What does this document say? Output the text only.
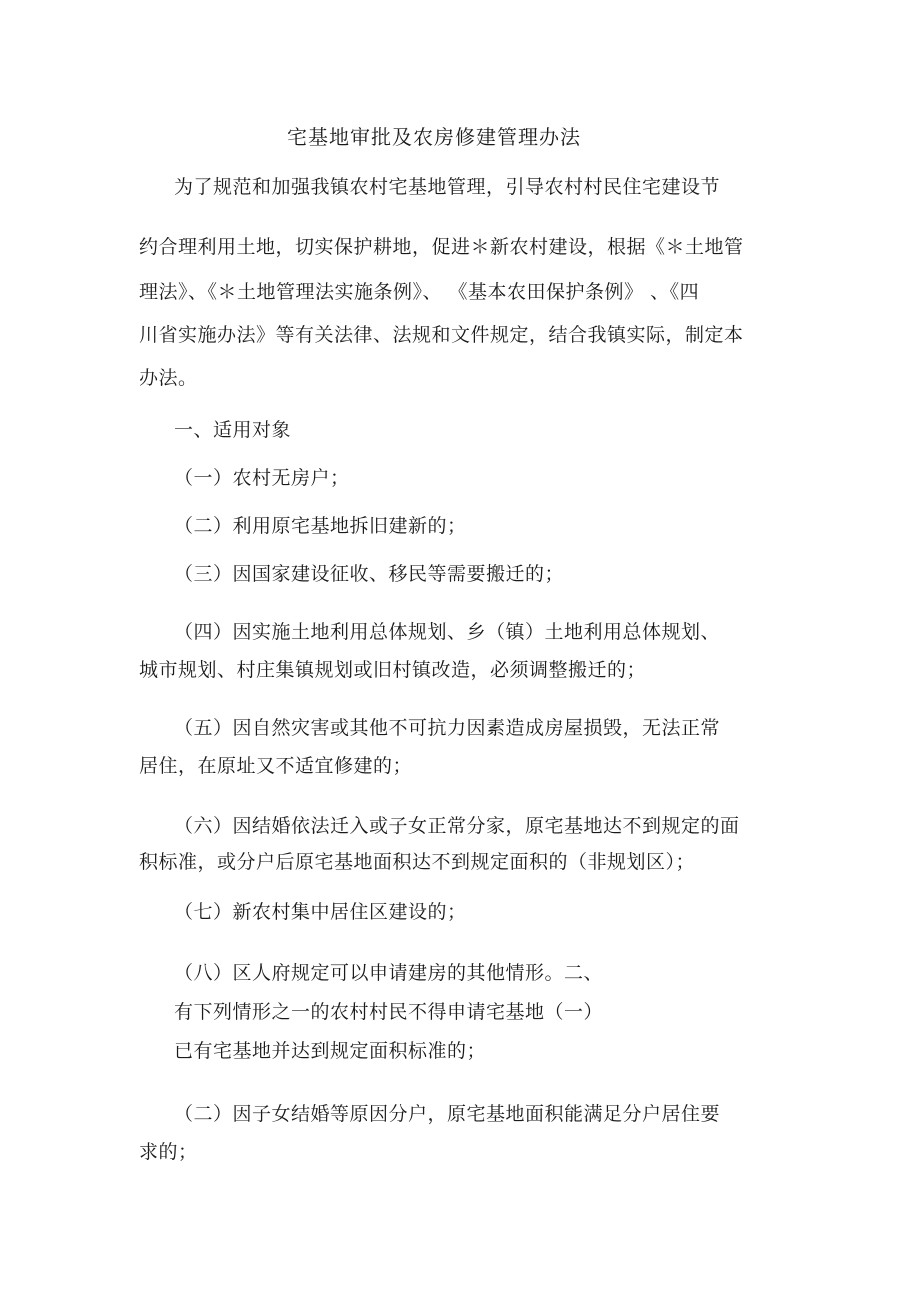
宅基地审批及农房修建管理办法
为了规范和加强我镇农村宅基地管理，引导农村村民住宅建设节
约合理利用土地，切实保护耕地，促进＊新农村建设，根据《＊土地管
理法》、《＊土地管理法实施条例》、 《基本农田保护条例》 、《四
川省实施办法》等有关法律、法规和文件规定，结合我镇实际，制定本
办法。
一、适用对象
（一）农村无房户；
（二）利用原宅基地拆旧建新的；
（三）因国家建设征收、移民等需要搬迁的；
（四）因实施土地利用总体规划、乡（镇）土地利用总体规划、
城市规划、村庄集镇规划或旧村镇改造，必须调整搬迁的；
（五）因自然灾害或其他不可抗力因素造成房屋损毁，无法正常
居住，在原址又不适宜修建的；
（六）因结婚依法迁入或子女正常分家，原宅基地达不到规定的面
积标准，或分户后原宅基地面积达不到规定面积的（非规划区）；
（七）新农村集中居住区建设的；
（八）区人府规定可以申请建房的其他情形。二、
有下列情形之一的农村村民不得申请宅基地（一）
已有宅基地并达到规定面积标准的；
（二）因子女结婚等原因分户，原宅基地面积能满足分户居住要
求的；
